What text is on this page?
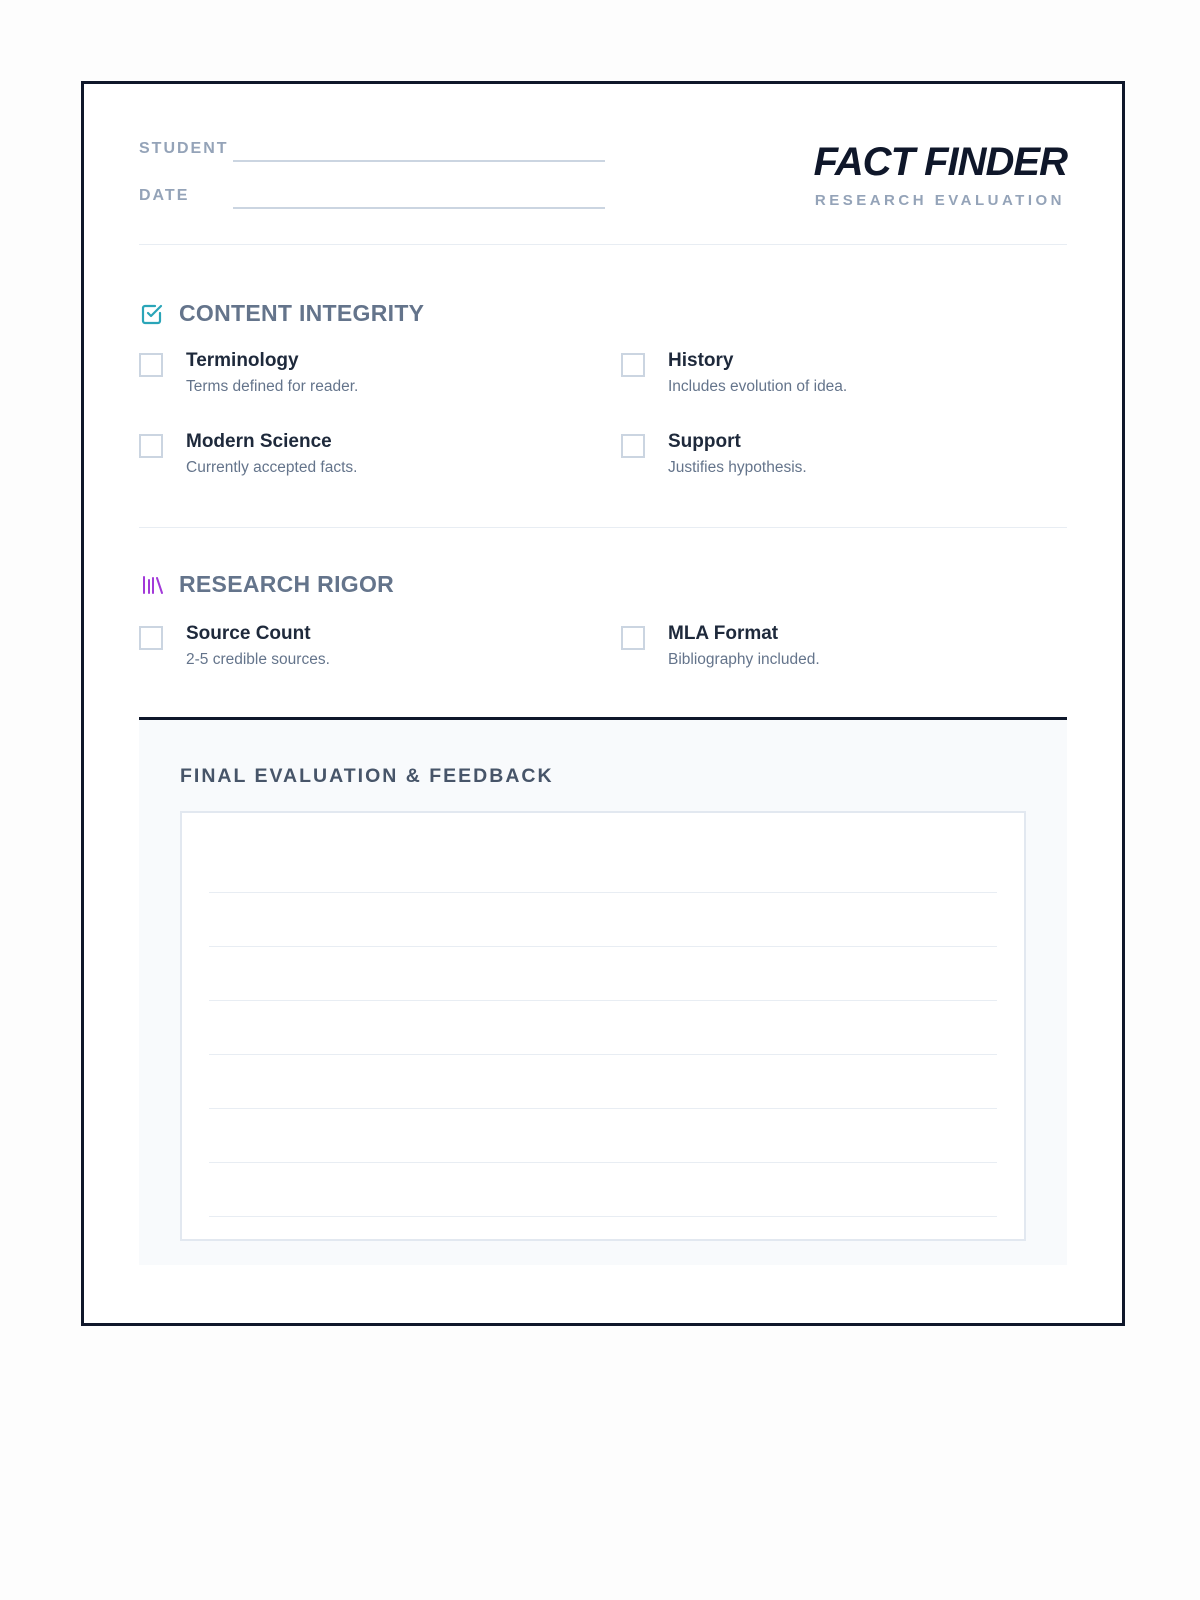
STUDENT
DATE
FACT FINDER
RESEARCH EVALUATION
CONTENT INTEGRITY
Terminology
Terms defined for reader.
History
Includes evolution of idea.
Modern Science
Currently accepted facts.
Support
Justifies hypothesis.
RESEARCH RIGOR
Source Count
2-5 credible sources.
MLA Format
Bibliography included.
FINAL EVALUATION & FEEDBACK
